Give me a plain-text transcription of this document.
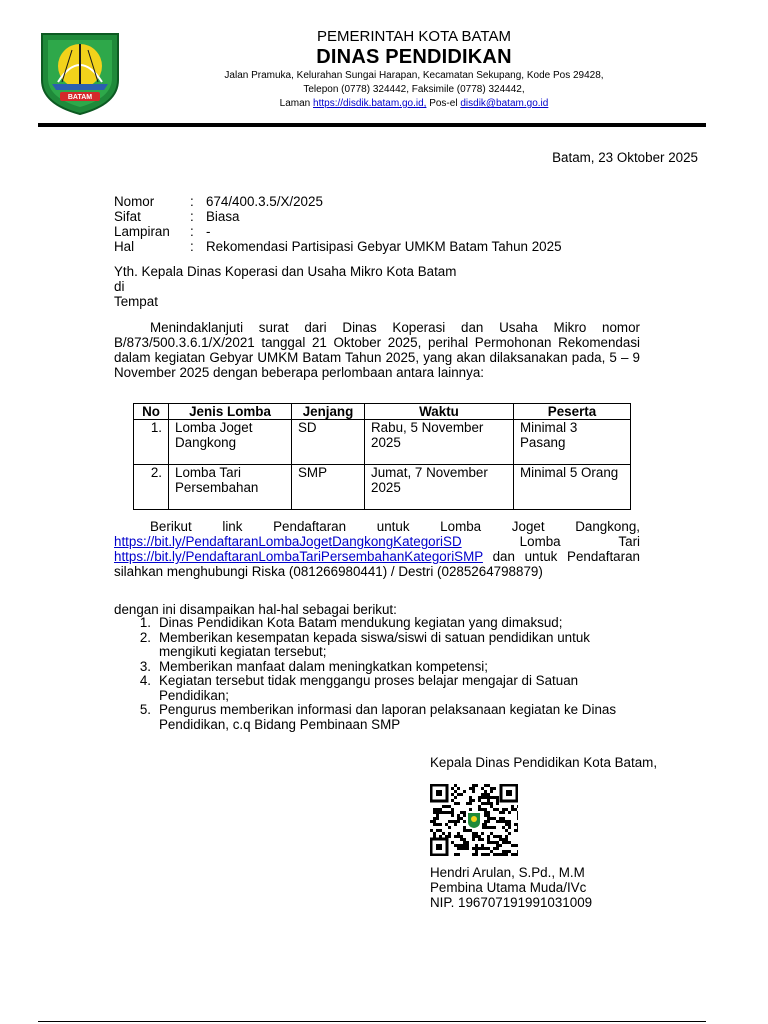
BATAM
PEMERINTAH KOTA BATAM
DINAS PENDIDIKAN
Jalan Pramuka, Kelurahan Sungai Harapan, Kecamatan Sekupang, Kode Pos 29428,
Telepon (0778) 324442, Faksimile (0778) 324442,
Laman https://disdik.batam.go.id, Pos-el disdik@batam.go.id
Batam, 23 Oktober 2025
Nomor	: 674/400.3.5/X/2025
Sifat	: Biasa
Lampiran	: -
Hal	: Rekomendasi Partisipasi Gebyar UMKM Batam Tahun 2025
Yth. Kepala Dinas Koperasi dan Usaha Mikro Kota Batam
di
Tempat
Menindaklanjuti surat dari Dinas Koperasi dan Usaha Mikro nomor B/873/500.3.6.1/X/2021 tanggal 21 Oktober 2025, perihal Permohonan Rekomendasi dalam kegiatan Gebyar UMKM Batam Tahun 2025, yang akan dilaksanakan pada, 5 – 9 November 2025 dengan beberapa perlombaan antara lainnya:
No	Jenis Lomba	Jenjang	Waktu	Peserta
1.	Lomba Joget Dangkong	SD	Rabu, 5 November 2025	Minimal 3 Pasang
2.	Lomba Tari Persembahan	SMP	Jumat, 7 November 2025	Minimal 5 Orang
Berikut link Pendaftaran untuk Lomba Joget Dangkong, https://bit.ly/PendaftaranLombaJogetDangkongKategoriSD Lomba Tari https://bit.ly/PendaftaranLombaTariPersembahanKategoriSMP dan untuk Pendaftaran silahkan menghubungi Riska (081266980441) / Destri (0285264798879)
dengan ini disampaikan hal-hal sebagai berikut:
1. Dinas Pendidikan Kota Batam mendukung kegiatan yang dimaksud;
2. Memberikan kesempatan kepada siswa/siswi di satuan pendidikan untuk mengikuti kegiatan tersebut;
3. Memberikan manfaat dalam meningkatkan kompetensi;
4. Kegiatan tersebut tidak menggangu proses belajar mengajar di Satuan Pendidikan;
5. Pengurus memberikan informasi dan laporan pelaksanaan kegiatan ke Dinas Pendidikan, c.q Bidang Pembinaan SMP
Kepala Dinas Pendidikan Kota Batam,
Hendri Arulan, S.Pd., M.M
Pembina Utama Muda/IVc
NIP. 196707191991031009
